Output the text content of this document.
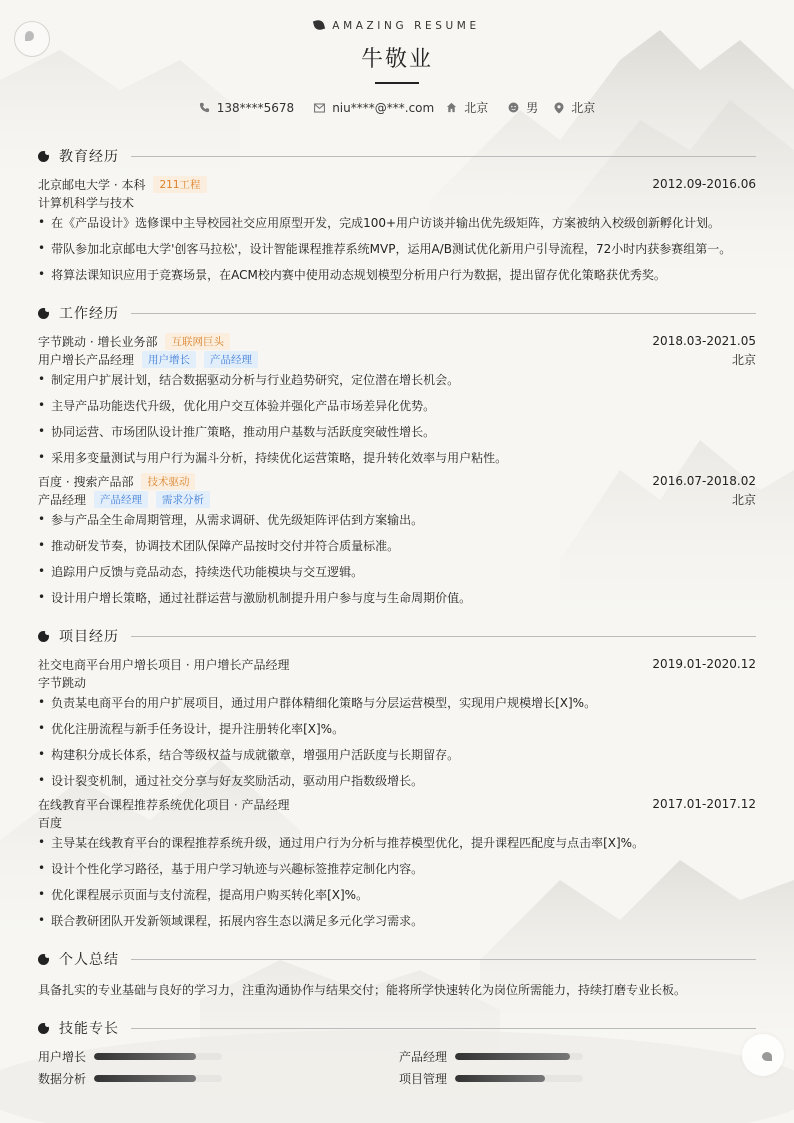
AMAZING RESUME
牛敬业
138****5678	niu****@***.com	北京	男	北京
教育经历
北京邮电大学 · 本科	211工程	2012.09-2016.06
计算机科学与技术
• 在《产品设计》选修课中主导校园社交应用原型开发，完成100+用户访谈并输出优先级矩阵，方案被纳入校级创新孵化计划。
• 带队参加北京邮电大学'创客马拉松'，设计智能课程推荐系统MVP，运用A/B测试优化新用户引导流程，72小时内获参赛组第一。
• 将算法课知识应用于竞赛场景，在ACM校内赛中使用动态规划模型分析用户行为数据，提出留存优化策略获优秀奖。
工作经历
字节跳动 · 增长业务部	互联网巨头	2018.03-2021.05
用户增长产品经理	用户增长	产品经理	北京
• 制定用户扩展计划，结合数据驱动分析与行业趋势研究，定位潜在增长机会。
• 主导产品功能迭代升级，优化用户交互体验并强化产品市场差异化优势。
• 协同运营、市场团队设计推广策略，推动用户基数与活跃度突破性增长。
• 采用多变量测试与用户行为漏斗分析，持续优化运营策略，提升转化效率与用户粘性。
百度 · 搜索产品部	技术驱动	2016.07-2018.02
产品经理	产品经理	需求分析	北京
• 参与产品全生命周期管理，从需求调研、优先级矩阵评估到方案输出。
• 推动研发节奏，协调技术团队保障产品按时交付并符合质量标准。
• 追踪用户反馈与竞品动态，持续迭代功能模块与交互逻辑。
• 设计用户增长策略，通过社群运营与激励机制提升用户参与度与生命周期价值。
项目经历
社交电商平台用户增长项目 · 用户增长产品经理	2019.01-2020.12
字节跳动
• 负责某电商平台的用户扩展项目，通过用户群体精细化策略与分层运营模型，实现用户规模增长[X]%。
• 优化注册流程与新手任务设计，提升注册转化率[X]%。
• 构建积分成长体系，结合等级权益与成就徽章，增强用户活跃度与长期留存。
• 设计裂变机制，通过社交分享与好友奖励活动，驱动用户指数级增长。
在线教育平台课程推荐系统优化项目 · 产品经理	2017.01-2017.12
百度
• 主导某在线教育平台的课程推荐系统升级，通过用户行为分析与推荐模型优化，提升课程匹配度与点击率[X]%。
• 设计个性化学习路径，基于用户学习轨迹与兴趣标签推荐定制化内容。
• 优化课程展示页面与支付流程，提高用户购买转化率[X]%。
• 联合教研团队开发新领域课程，拓展内容生态以满足多元化学习需求。
个人总结
具备扎实的专业基础与良好的学习力，注重沟通协作与结果交付；能将所学快速转化为岗位所需能力，持续打磨专业长板。
技能专长
用户增长	产品经理
数据分析	项目管理
